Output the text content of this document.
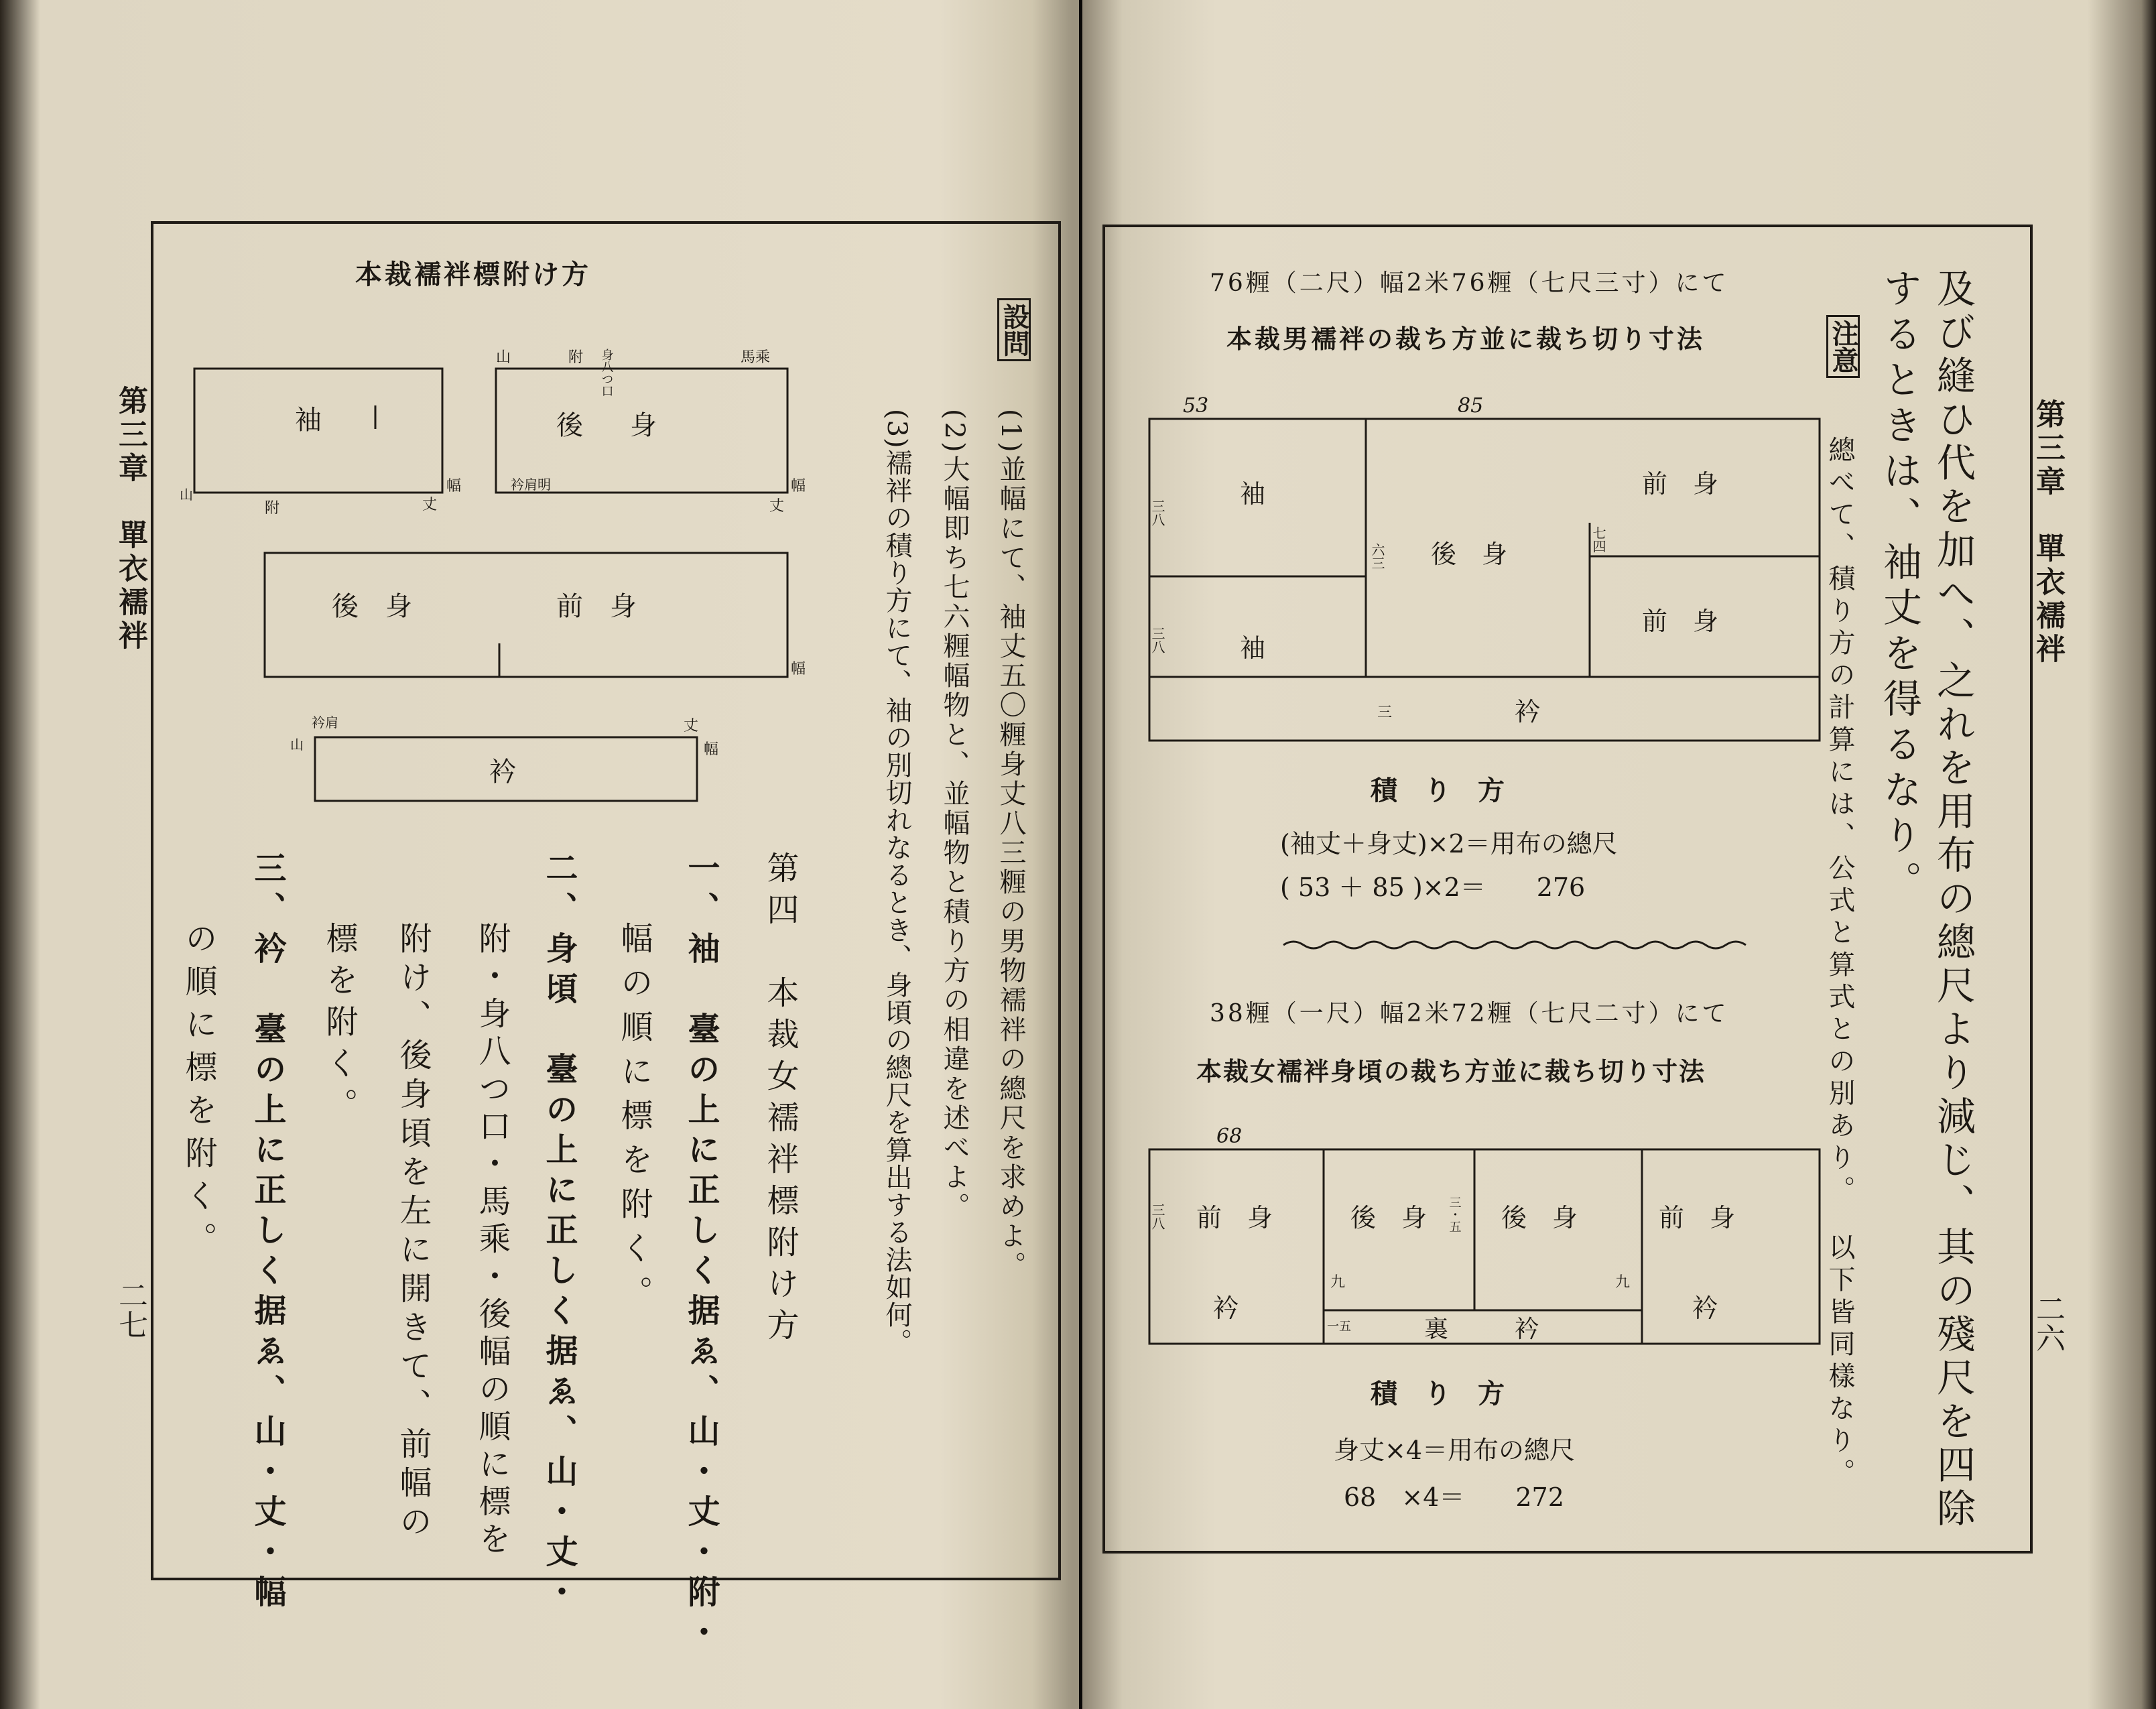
第三章　單衣襦袢
二七
本裁襦袢標附け方
袖	後身
後　身	前　身
衿
山	附	馬乘
附
山	幅
丈
衿肩明	幅
丈
幅
衿肩
山
丈
幅
身八つ口
設問
(1)並幅にて、袖丈五〇糎身丈八三糎の男物襦袢の總尺を求めよ。
(2)大幅即ち七六糎幅物と、並幅物と積り方の相違を述べよ。
(3)襦袢の積り方にて、袖の別切れなるとき、身頃の總尺を算出する法如何。
第四　本裁女襦袢標附け方
一、袖　臺の上に正しく据ゑ、山・丈・附・
幅の順に標を附く。
二、身頃　臺の上に正しく据ゑ、山・丈・
附・身八つ口・馬乘・後幅の順に標を
附け、後身頃を左に開きて、前幅の
標を附く。
三、衿　臺の上に正しく据ゑ、山・丈・幅
の順に標を附く。
第三章　單衣襦袢
二六
及び縫ひ代を加へ、之れを用布の總尺より減じ、其の殘尺を四除
するときは、袖丈を得るなり。
注意
總べて、積り方の計算には、公式と算式との別あり。
以下皆同樣なり。
76糎（二尺）幅2米76糎（七尺三寸）にて
本裁男襦袢の裁ち方並に裁ち切り寸法
53	85
三八
三八
六三
七四
三
袖
袖
後　身
前　身
前　身
衿
68
三八	三・五
九	九
一五
前　身	後　身	後　身	前　身
衿
裏	衿
衿
積　り　方
(袖丈＋身丈)×2＝用布の總尺
( 53 ＋ 85 )×2＝　　276
38糎（一尺）幅2米72糎（七尺二寸）にて
本裁女襦袢身頃の裁ち方並に裁ち切り寸法
積　り　方
身丈×4＝用布の總尺
68　×4＝　　272
